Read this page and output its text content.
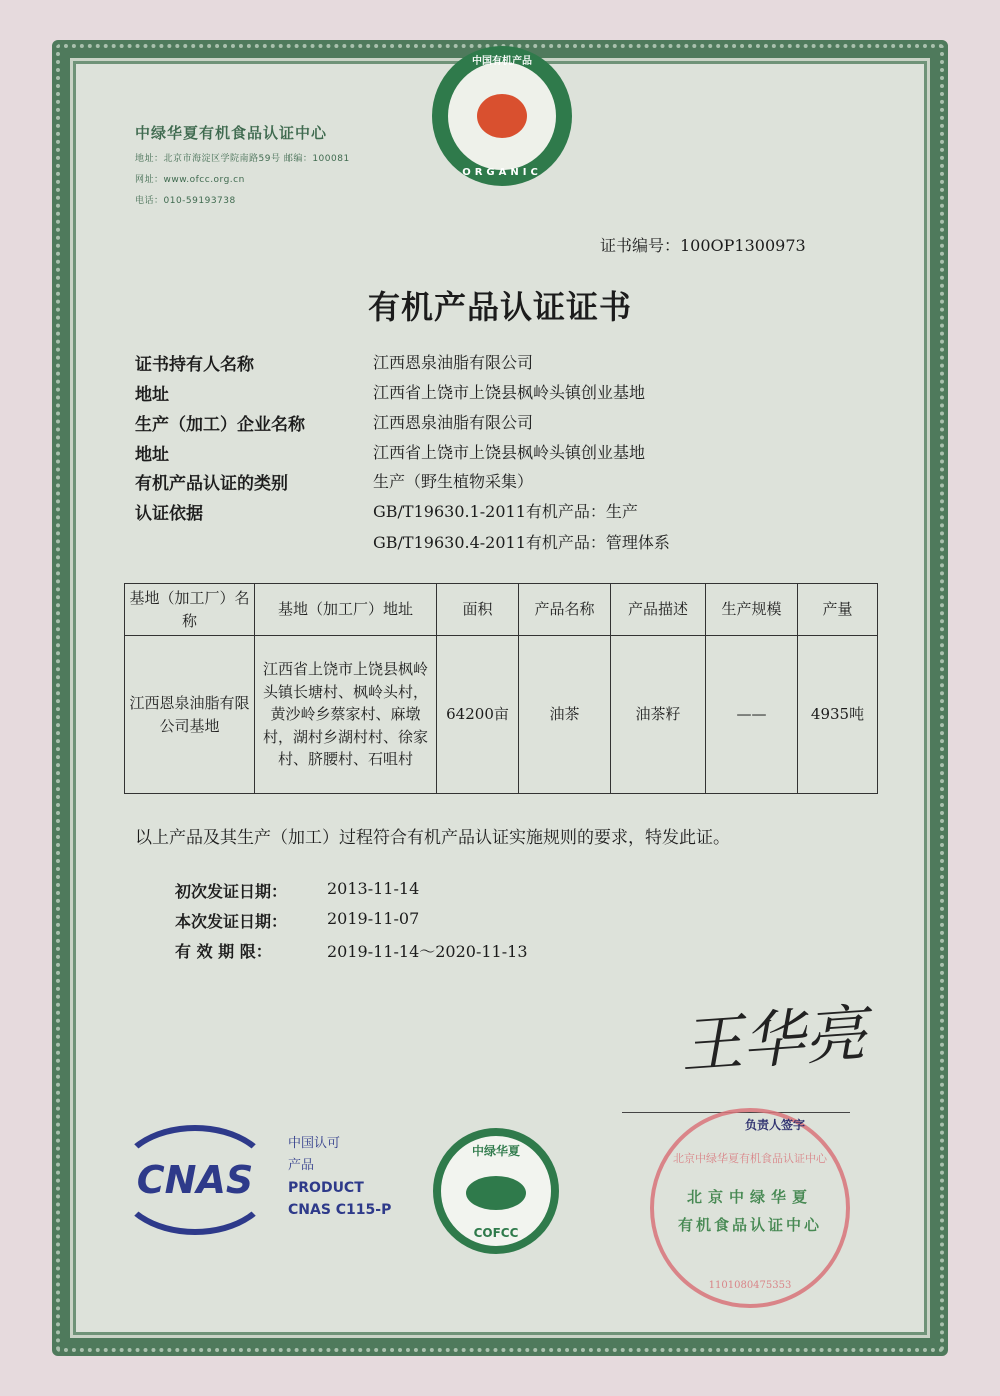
中绿华夏有机食品认证中心
地址：北京市海淀区学院南路59号 邮编：100081
网址：www.ofcc.org.cn
电话：010-59193738
中国有机产品
ORGANIC
证书编号：100OP1300973
有机产品认证证书
证书持有人名称	江西恩泉油脂有限公司
地址	江西省上饶市上饶县枫岭头镇创业基地
生产（加工）企业名称	江西恩泉油脂有限公司
地址	江西省上饶市上饶县枫岭头镇创业基地
有机产品认证的类别	生产（野生植物采集）
认证依据	GB/T19630.1-2011有机产品：生产
GB/T19630.4-2011有机产品：管理体系
基地（加工厂）名称	基地（加工厂）地址	面积	产品名称	产品描述	生产规模	产量
江西恩泉油脂有限公司基地	江西省上饶市上饶县枫岭头镇长塘村、枫岭头村，黄沙岭乡蔡家村、麻墩村，湖村乡湖村村、徐家村、脐腰村、石咀村	64200亩	油茶	油茶籽	——	4935吨
以上产品及其生产（加工）过程符合有机产品认证实施规则的要求，特发此证。
初次发证日期：	2013-11-14
本次发证日期：	2019-11-07
有 效 期 限：	2019-11-14～2020-11-13
王华亮
北京中绿华夏有机食品认证中心
北京中绿华夏
有机食品认证中心
1101080475353
负责人签字
CNAS
中国认可
产品
PRODUCT
CNAS C115-P
中绿华夏
COFCC
